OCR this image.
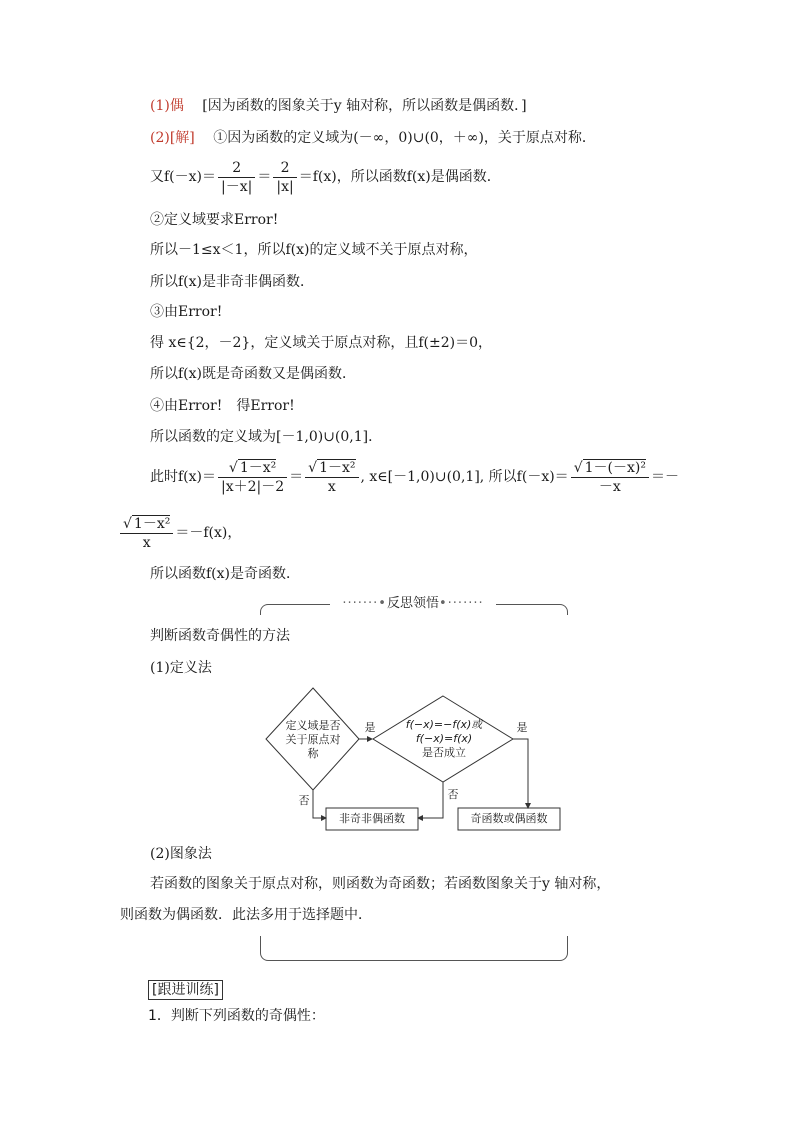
(1)偶　 [因为函数的图象关于y 轴对称，所以函数是偶函数．]
(2)[解]　 ①因为函数的定义域为(－∞，0)∪(0，＋∞)，关于原点对称．
又$f(-x)= \frac{2}{|-x|} = \frac{2}{|x|} =f(x)$，所以函数f(x)是偶函数．
②定义域要求Error!
所以－1≤x＜1，所以f(x)的定义域不关于原点对称，
所以f(x)是非奇非偶函数．
③由Error!
得 x∈{2，－2}，定义域关于原点对称，且f(±2)＝0，
所以f(x)既是奇函数又是偶函数．
④由Error!　得Error!
所以函数的定义域为[－1,0)∪(0,1]．
此时$f(x)= \frac{\text{√ 1－x²}}{|x+2|-2} = \frac{\text{√ 1－x²}}{x}$ , x∈[－1,0)∪(0,1], 所以$f(-x)= \frac{\text{√ 1－(－x)²}}{-x}$ ＝－
$\frac{\text{√ 1－x²}}{x} =-f(x)$，
所以函数f(x)是奇函数．
·······•反思领悟•·······
判断函数奇偶性的方法
(1)定义法
定义域是否关于原点对称
f(−x)=−f(x)或
f(−x)=f(x)
是否成立
是	是
否	否
非奇非偶函数	奇函数或偶函数
(2)图象法
若函数的图象关于原点对称，则函数为奇函数；若函数图象关于y 轴对称，
则函数为偶函数．此法多用于选择题中．
[跟进训练]
1．判断下列函数的奇偶性：
